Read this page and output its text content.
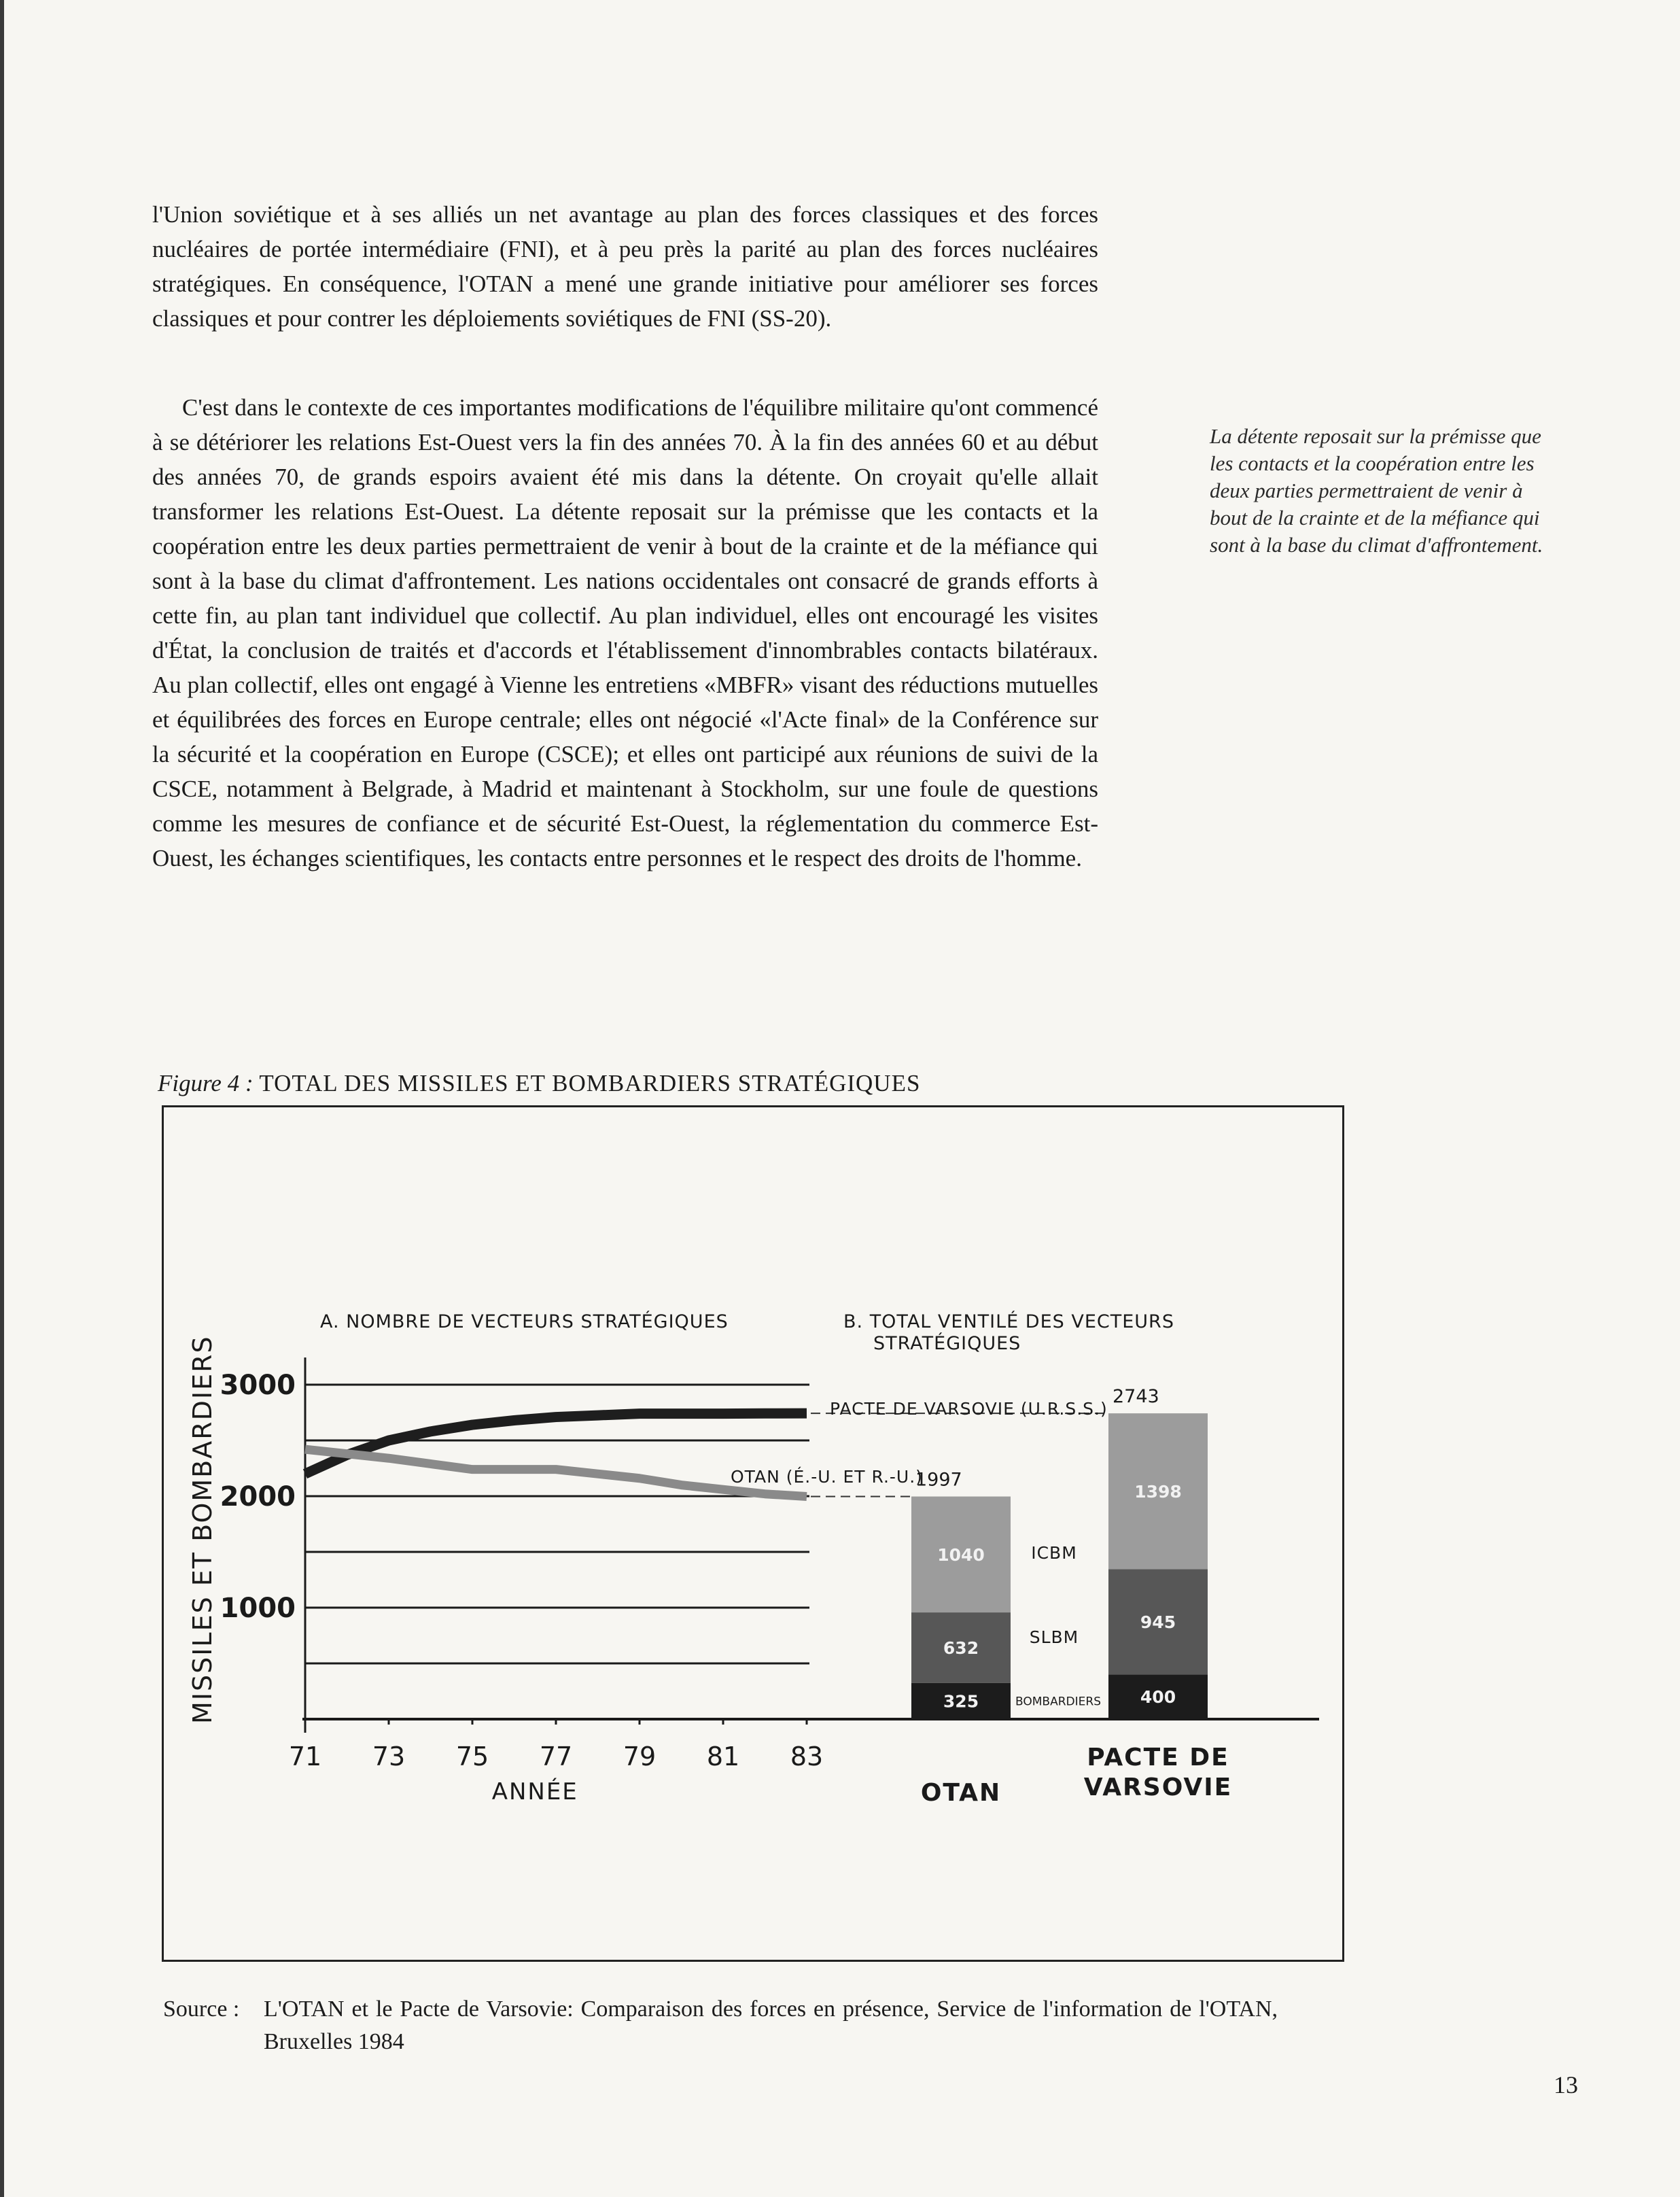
l'Union soviétique et à ses alliés un net avantage au plan des forces classiques et des forces nucléaires de portée intermédiaire (FNI), et à peu près la parité au plan des forces nucléaires stratégiques. En conséquence, l'OTAN a mené une grande initiative pour améliorer ses forces classiques et pour contrer les déploiements soviétiques de FNI (SS-20).

C'est dans le contexte de ces importantes modifications de l'équilibre militaire qu'ont commencé à se détériorer les relations Est-Ouest vers la fin des années 70. À la fin des années 60 et au début des années 70, de grands espoirs avaient été mis dans la détente. On croyait qu'elle allait transformer les relations Est-Ouest. La détente reposait sur la prémisse que les contacts et la coopération entre les deux parties permettraient de venir à bout de la crainte et de la méfiance qui sont à la base du climat d'affrontement. Les nations occidentales ont consacré de grands efforts à cette fin, au plan tant individuel que collectif. Au plan individuel, elles ont encouragé les visites d'État, la conclusion de traités et d'accords et l'établissement d'innombrables contacts bilatéraux. Au plan collectif, elles ont engagé à Vienne les entretiens «MBFR» visant des réductions mutuelles et équilibrées des forces en Europe centrale; elles ont négocié «l'Acte final» de la Conférence sur la sécurité et la coopération en Europe (CSCE); et elles ont participé aux réunions de suivi de la CSCE, notamment à Belgrade, à Madrid et maintenant à Stockholm, sur une foule de questions comme les mesures de confiance et de sécurité Est-Ouest, la réglementation du commerce Est-Ouest, les échanges scientifiques, les contacts entre personnes et le respect des droits de l'homme.

La détente reposait sur la prémisse que les contacts et la coopération entre les deux parties permettraient de venir à bout de la crainte et de la méfiance qui sont à la base du climat d'affrontement.
Figure 4 : TOTAL DES MISSILES ET BOMBARDIERS STRATÉGIQUES
A. NOMBRE DE VECTEURS STRATÉGIQUES
1000
2000
3000
MISSILES ET BOMBARDIERS
71 73 75 77 79 81 83
ANNÉE
B. TOTAL VENTILÉ DES VECTEURS
STRATÉGIQUES
PACTE DE VARSOVIE (U.R.S.S.)
OTAN (É.-U. ET R.-U.)
325
632
1040
1997
400
945
1398
2743
ICBM
SLBM
BOMBARDIERS
OTAN
PACTE DE
VARSOVIE
Source :	L'OTAN et le Pacte de Varsovie: Comparaison des forces en présence, Service de l'information de l'OTAN, Bruxelles 1984
13
